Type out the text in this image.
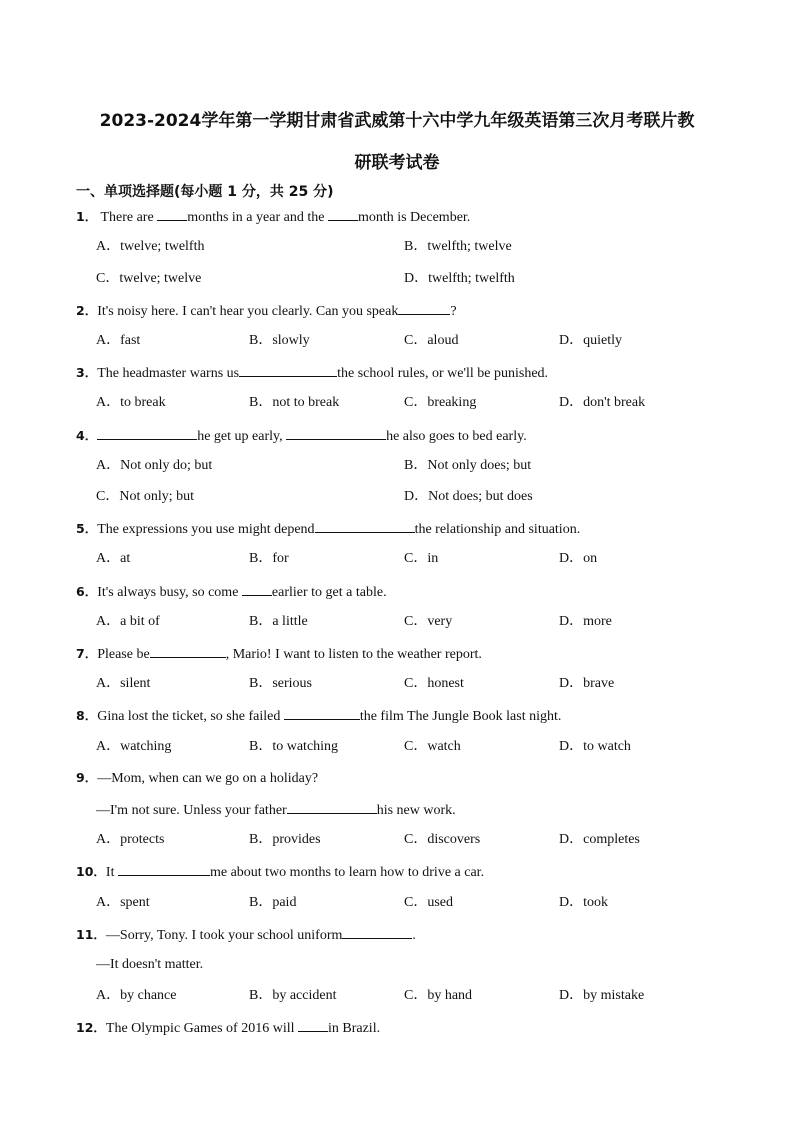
2023-2024学年第一学期甘肃省武威第十六中学九年级英语第三次月考联片教
研联考试卷
一、单项选择题(每小题 1 分，共 25 分)
1． There are months in a year and the month is December.
A．twelve; twelfth	B．twelfth; twelve
C．twelve; twelve	D．twelfth; twelfth
2．It's noisy here. I can't hear you clearly. Can you speak	?
A．fast	B．slowly	C．aloud	D．quietly
3．The headmaster warns us	the school rules, or we'll be punished.
A．to break	B．not to break	C．breaking	D．don't break
4．	he get up early,	he also goes to bed early.
A．Not only do; but	B．Not only does; but
C．Not only; but	D．Not does; but does
5．The expressions you use might depend	the relationship and situation.
A．at	B．for	C．in	D．on
6．It's always busy, so come earlier to get a table.
A．a bit of	B．a little	C．very	D．more
7．Please be	, Mario! I want to listen to the weather report.
A．silent	B．serious	C．honest	D．brave
8．Gina lost the ticket, so she failed	the film The Jungle Book last night.
A．watching	B．to watching	C．watch	D．to watch
9．—Mom, when can we go on a holiday?
—I'm not sure. Unless your father	his new work.
A．protects	B．provides	C．discovers	D．completes
10．It	me about two months to learn how to drive a car.
A．spent	B．paid	C．used	D．took
11．—Sorry, Tony. I took your school uniform	.
—It doesn't matter.
A．by chance	B．by accident	C．by hand	D．by mistake
12．The Olympic Games of 2016 will in Brazil.
